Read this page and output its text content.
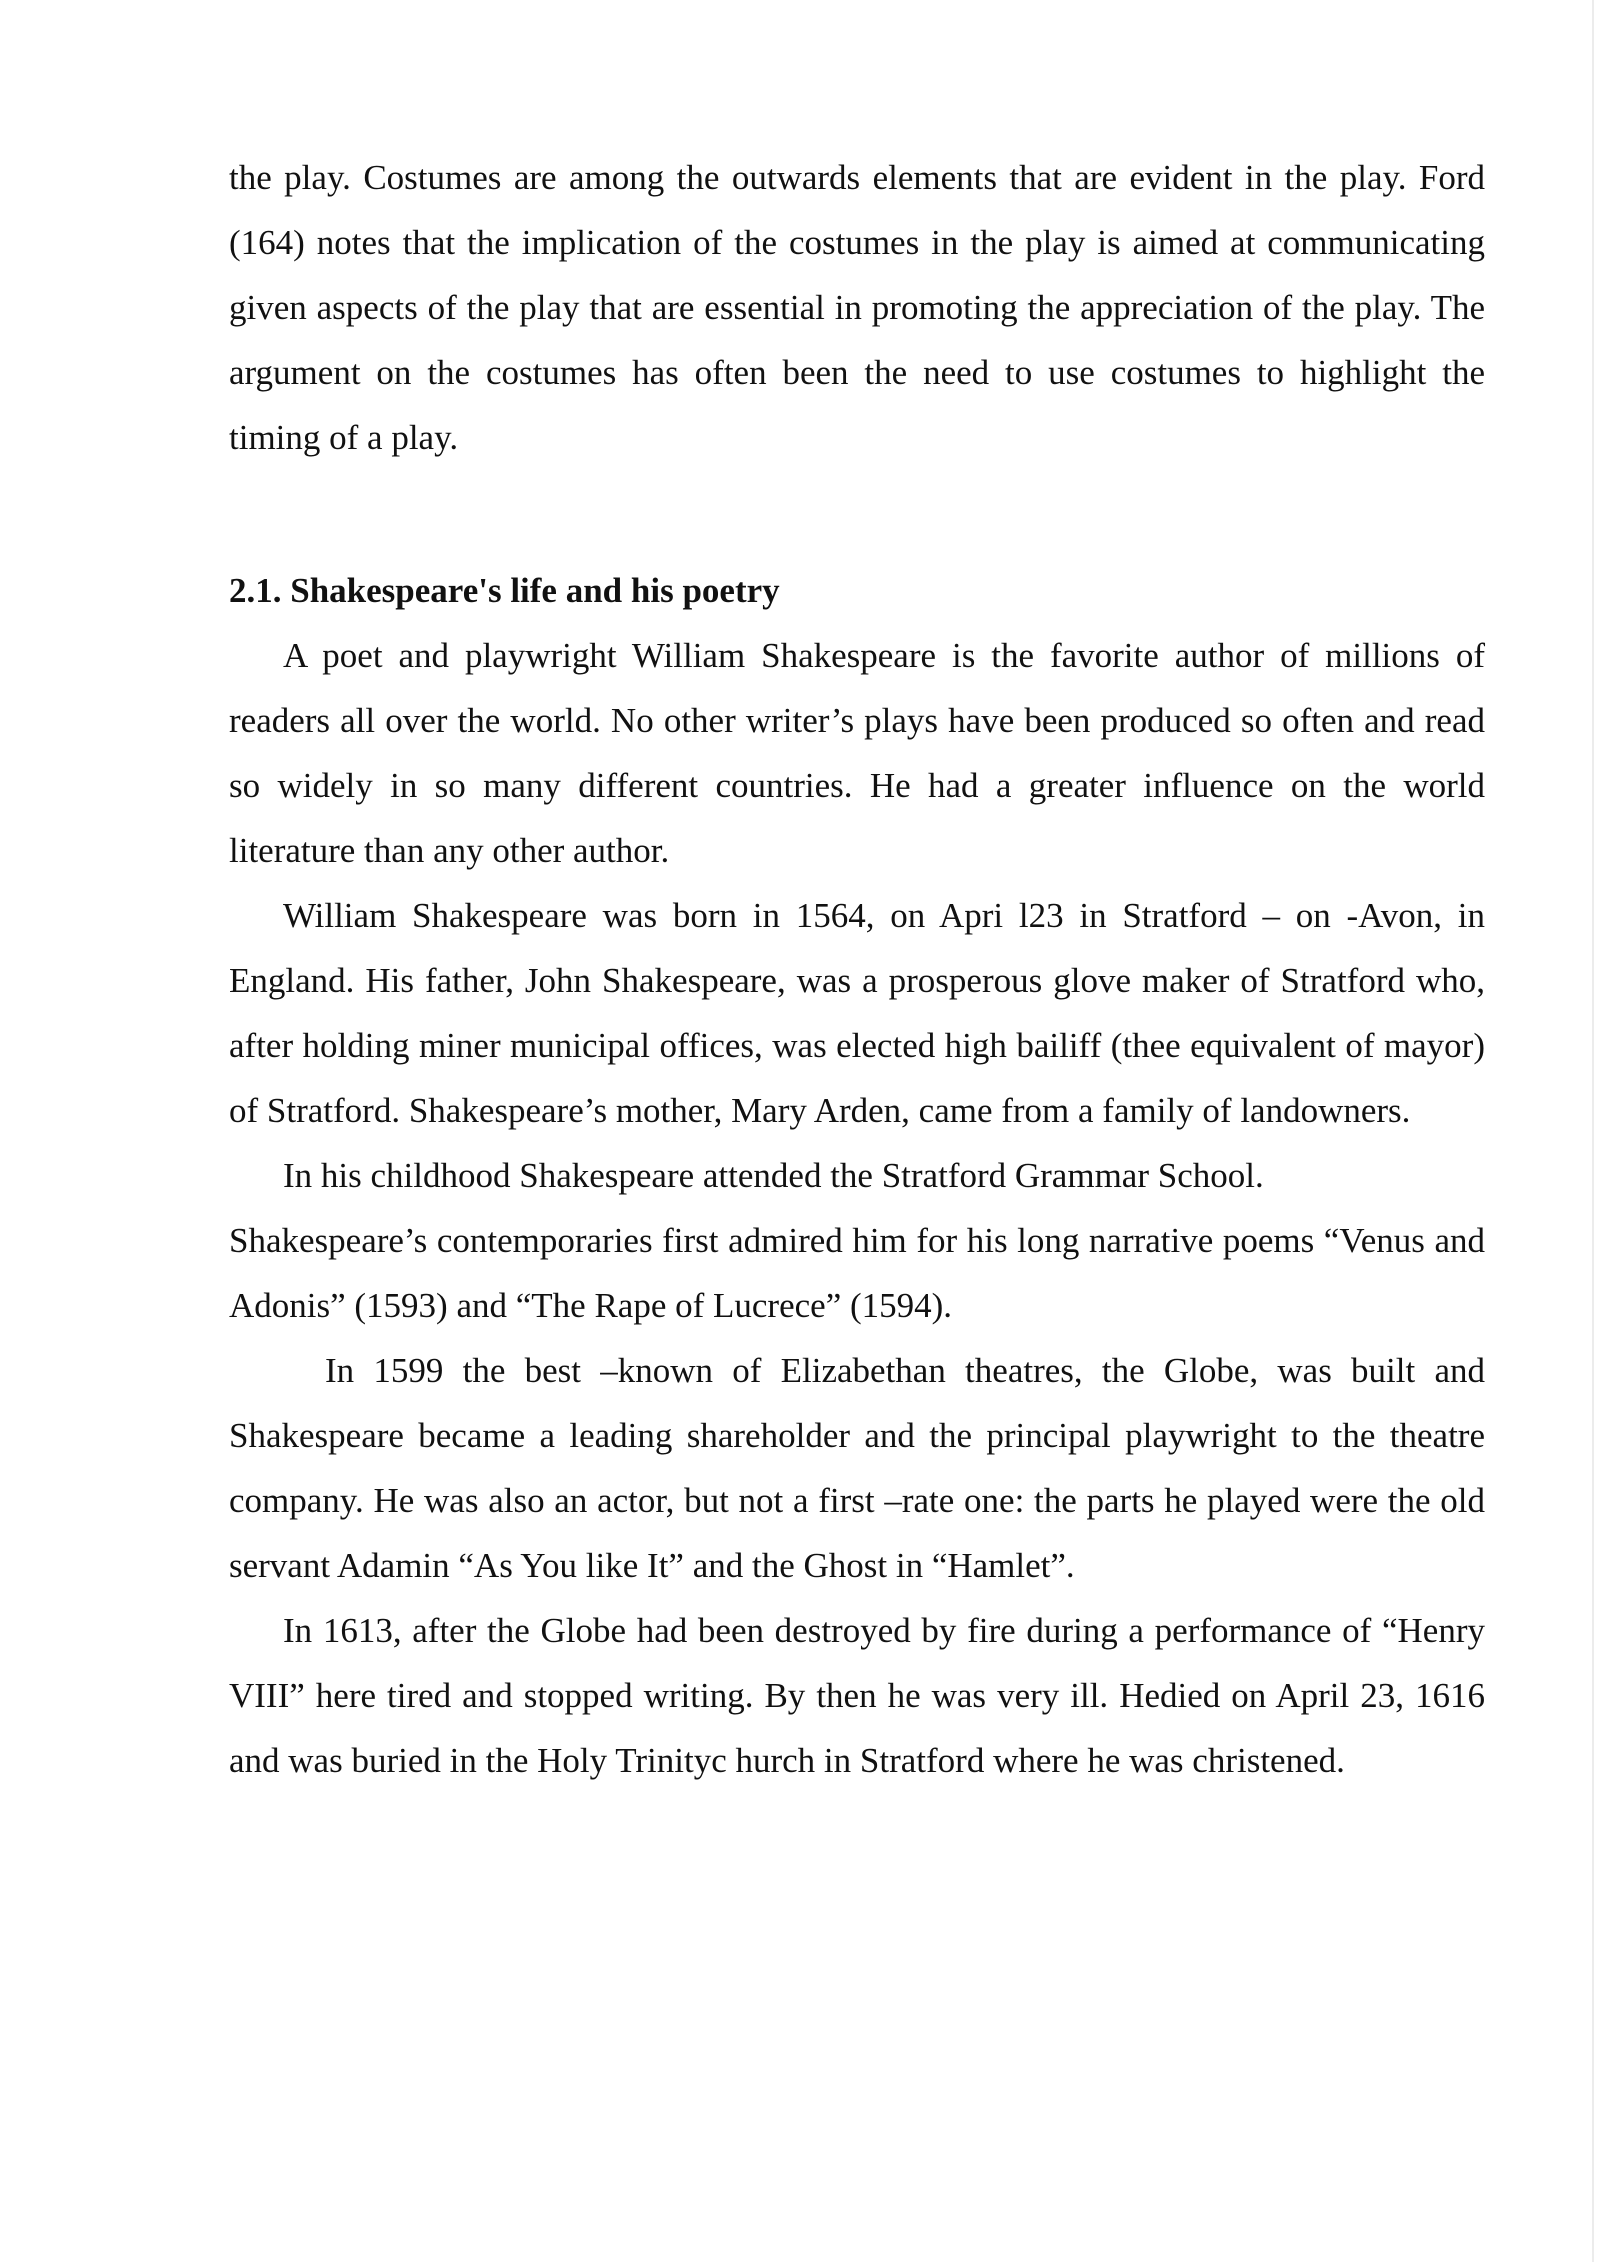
the play. Costumes are among the outwards elements that are evident in the play. Ford (164) notes that the implication of the costumes in the play is aimed at communicating given aspects of the play that are essential in promoting the appreciation of the play. The argument on the costumes has often been the need to use costumes to highlight the timing of a play.

2.1. Shakespeare's life and his poetry

A poet and playwright William Shakespeare is the favorite author of millions of readers all over the world. No other writer’s plays have been produced so often and read so widely in so many different countries. He had a greater influence on the world literature than any other author.

William Shakespeare was born in 1564, on Apri l23 in Stratford – on -Avon, in England. His father, John Shakespeare, was a prosperous glove maker of Stratford who, after holding miner municipal offices, was elected high bailiff (thee equivalent of mayor) of Stratford. Shakespeare’s mother, Mary Arden, came from a family of landowners.

In his childhood Shakespeare attended the Stratford Grammar School.

Shakespeare’s contemporaries first admired him for his long narrative poems “Venus and Adonis” (1593) and “The Rape of Lucrece” (1594).

In 1599 the best –known of Elizabethan theatres, the Globe, was built and Shakespeare became a leading shareholder and the principal playwright to the theatre company. He was also an actor, but not a first –rate one: the parts he played were the old servant Adamin “As You like It” and the Ghost in “Hamlet”.

In 1613, after the Globe had been destroyed by fire during a performance of “Henry VIII” here tired and stopped writing. By then he was very ill. Hedied on April 23, 1616 and was buried in the Holy Trinityc hurch in Stratford where he was christened.
